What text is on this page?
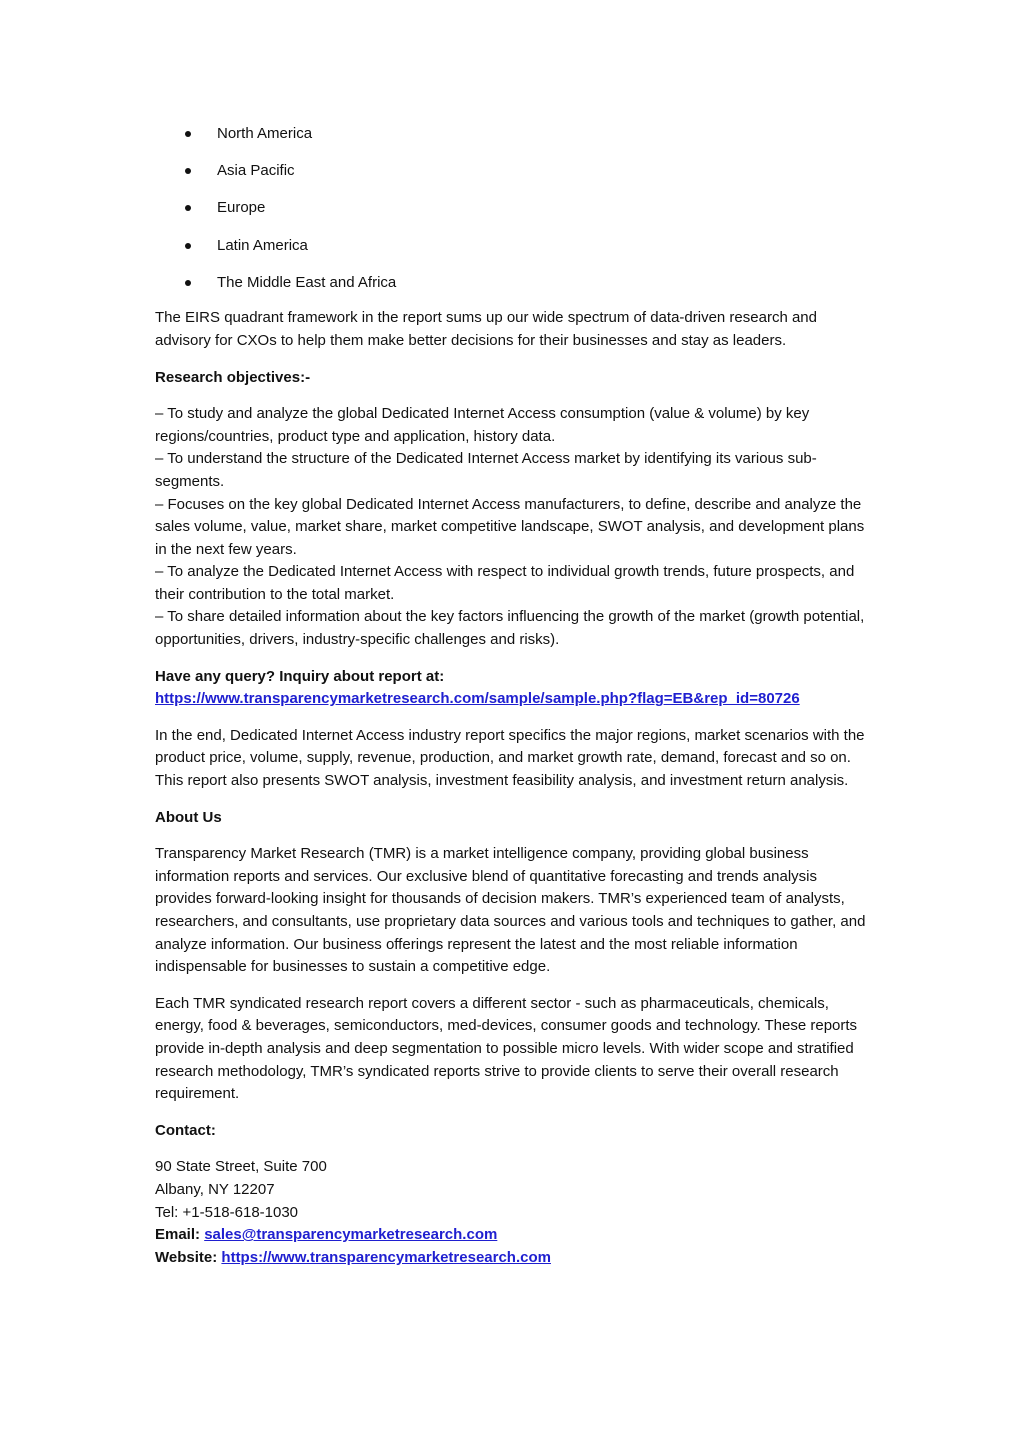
North America
Asia Pacific
Europe
Latin America
The Middle East and Africa

The EIRS quadrant framework in the report sums up our wide spectrum of data-driven research and advisory for CXOs to help them make better decisions for their businesses and stay as leaders.

Research objectives:-

– To study and analyze the global Dedicated Internet Access consumption (value & volume) by key regions/countries, product type and application, history data.
– To understand the structure of the Dedicated Internet Access market by identifying its various sub-segments.
– Focuses on the key global Dedicated Internet Access manufacturers, to define, describe and analyze the sales volume, value, market share, market competitive landscape, SWOT analysis, and development plans in the next few years.
– To analyze the Dedicated Internet Access with respect to individual growth trends, future prospects, and their contribution to the total market.
– To share detailed information about the key factors influencing the growth of the market (growth potential, opportunities, drivers, industry-specific challenges and risks).

Have any query? Inquiry about report at:
https://www.transparencymarketresearch.com/sample/sample.php?flag=EB&rep_id=80726

In the end, Dedicated Internet Access industry report specifics the major regions, market scenarios with the product price, volume, supply, revenue, production, and market growth rate, demand, forecast and so on. This report also presents SWOT analysis, investment feasibility analysis, and investment return analysis.

About Us

Transparency Market Research (TMR) is a market intelligence company, providing global business information reports and services. Our exclusive blend of quantitative forecasting and trends analysis provides forward-looking insight for thousands of decision makers. TMR’s experienced team of analysts, researchers, and consultants, use proprietary data sources and various tools and techniques to gather, and analyze information. Our business offerings represent the latest and the most reliable information indispensable for businesses to sustain a competitive edge.

Each TMR syndicated research report covers a different sector - such as pharmaceuticals, chemicals, energy, food & beverages, semiconductors, med-devices, consumer goods and technology. These reports provide in-depth analysis and deep segmentation to possible micro levels. With wider scope and stratified research methodology, TMR’s syndicated reports strive to provide clients to serve their overall research requirement.

Contact:

90 State Street, Suite 700
Albany, NY 12207
Tel: +1-518-618-1030
Email: sales@transparencymarketresearch.com
Website: https://www.transparencymarketresearch.com
